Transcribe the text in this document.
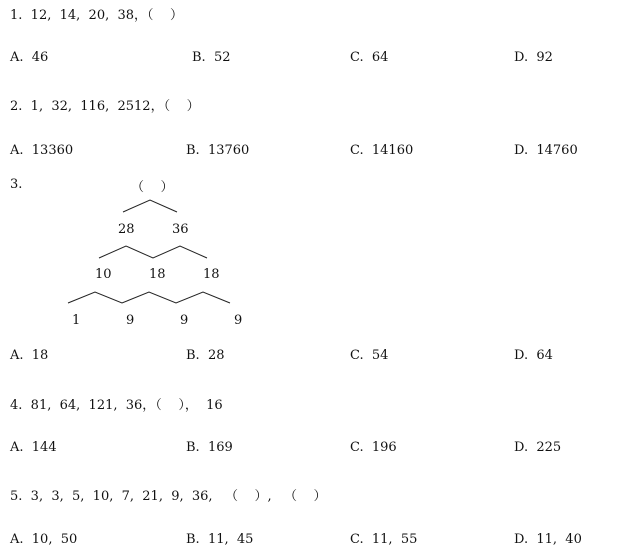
1.  12,  14,  20,  38，（    ）
A.  46	B.  52	C.  64	D.  92
2.  1,  32,  116,  2512，（    ）
A.  13360	B.  13760	C.  14160	D.  14760
3.	（    ）
28	36
10	18	18
1	9	9	9
A.  18	B.  28	C.  54	D.  64
4.  81,  64,  121,  36，（    ），  16
A.  144	B.  169	C.  196	D.  225
5.  3,  3,  5,  10,  7,  21,  9,  36,   （    ）,   （    ）
A.  10,  50	B.  11,  45	C.  11,  55	D.  11,  40
